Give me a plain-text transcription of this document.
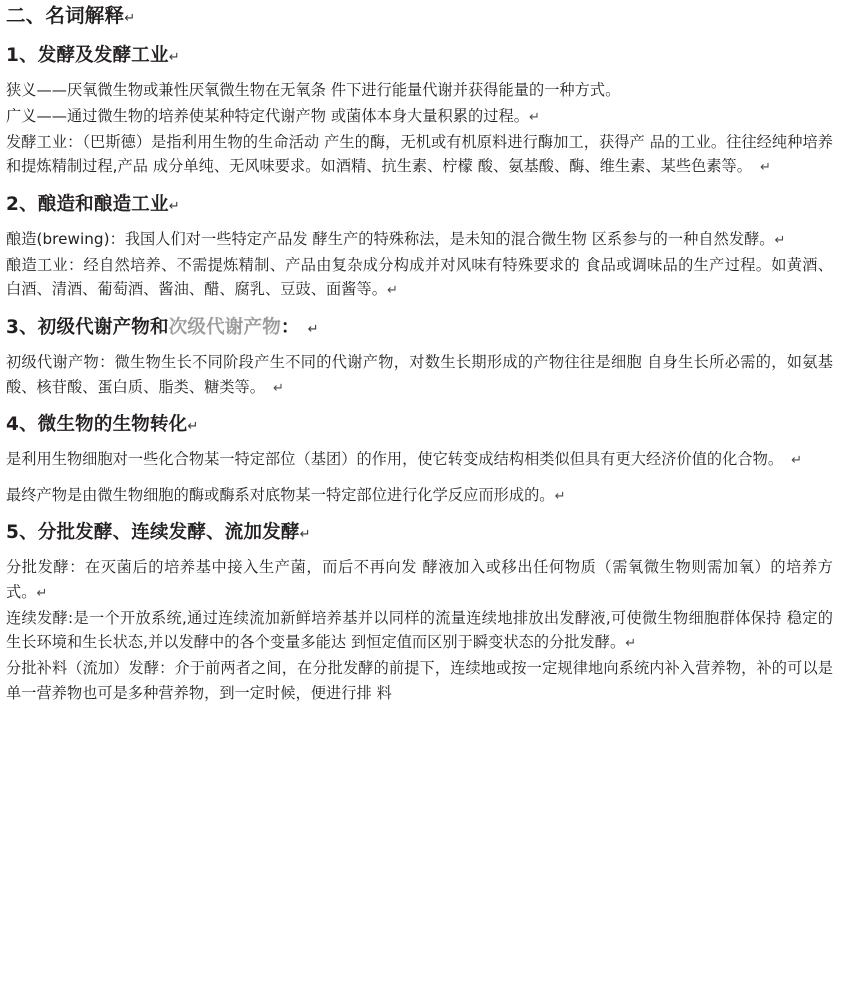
二、名词解释↵
1、发酵及发酵工业↵

狭义——厌氧微生物或兼性厌氧微生物在无氧条 件下进行能量代谢并获得能量的一种方式。

广义——通过微生物的培养使某种特定代谢产物 或菌体本身大量积累的过程。↵

发酵工业：（巴斯德）是指利用生物的生命活动 产生的酶，无机或有机原料进行酶加工，获得产 品的工业。往往经纯种培养和提炼精制过程,产品 成分单纯、无风味要求。如酒精、抗生素、柠檬 酸、氨基酸、酶、维生素、某些色素等。 ↵

2、酿造和酿造工业↵

酿造(brewing)：我国人们对一些特定产品发 酵生产的特殊称法，是未知的混合微生物 区系参与的一种自然发酵。↵

酿造工业：经自然培养、不需提炼精制、产品由复杂成分构成并对风味有特殊要求的 食品或调味品的生产过程。如黄酒、白酒、清酒、葡萄酒、酱油、醋、腐乳、豆豉、面酱等。↵

3、初级代谢产物和次级代谢产物： ↵

初级代谢产物：微生物生长不同阶段产生不同的代谢产物，对数生长期形成的产物往往是细胞 自身生长所必需的，如氨基酸、核苷酸、蛋白质、脂类、糖类等。 ↵

4、微生物的生物转化↵

是利用生物细胞对一些化合物某一特定部位（基团）的作用，使它转变成结构相类似但具有更大经济价值的化合物。 ↵

最终产物是由微生物细胞的酶或酶系对底物某一特定部位进行化学反应而形成的。↵

5、分批发酵、连续发酵、流加发酵↵

分批发酵：在灭菌后的培养基中接入生产菌，而后不再向发 酵液加入或移出任何物质（需氧微生物则需加氧）的培养方式。↵

连续发酵:是一个开放系统,通过连续流加新鲜培养基并以同样的流量连续地排放出发酵液,可使微生物细胞群体保持 稳定的生长环境和生长状态,并以发酵中的各个变量多能达 到恒定值而区别于瞬变状态的分批发酵。↵

分批补料（流加）发酵：介于前两者之间，在分批发酵的前提下，连续地或按一定规律地向系统内补入营养物，补的可以是单一营养物也可是多种营养物，到一定时候，便进行排 料
